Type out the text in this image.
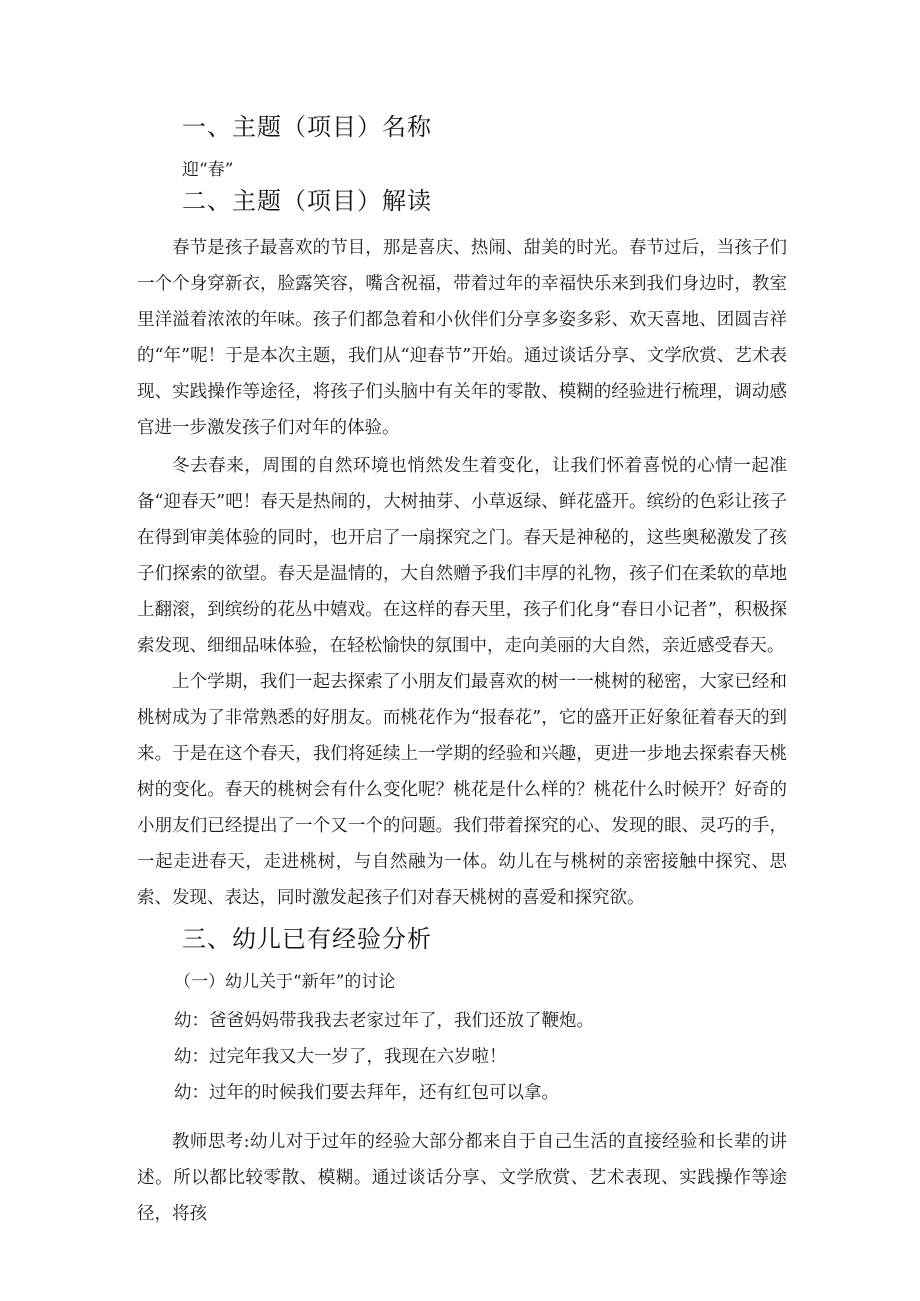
一、主题（项目）名称
迎“春”
二、主题（项目）解读

春节是孩子最喜欢的节目，那是喜庆、热闹、甜美的时光。春节过后，当孩子们一个个身穿新衣，脸露笑容，嘴含祝福，带着过年的幸福快乐来到我们身边时，教室里洋溢着浓浓的年味。孩子们都急着和小伙伴们分享多姿多彩、欢天喜地、团圆吉祥的“年”呢！于是本次主题，我们从“迎春节”开始。通过谈话分享、文学欣赏、艺术表现、实践操作等途径，将孩子们头脑中有关年的零散、模糊的经验进行梳理，调动感官进一步激发孩子们对年的体验。

冬去春来，周围的自然环境也悄然发生着变化，让我们怀着喜悦的心情一起准备“迎春天”吧！春天是热闹的，大树抽芽、小草返绿、鲜花盛开。缤纷的色彩让孩子在得到审美体验的同时，也开启了一扇探究之门。春天是神秘的，这些奥秘激发了孩子们探索的欲望。春天是温情的，大自然赠予我们丰厚的礼物，孩子们在柔软的草地上翻滚，到缤纷的花丛中嬉戏。在这样的春天里，孩子们化身“春日小记者”，积极探索发现、细细品味体验，在轻松愉快的氛围中，走向美丽的大自然，亲近感受春天。

上个学期，我们一起去探索了小朋友们最喜欢的树一一桃树的秘密，大家已经和桃树成为了非常熟悉的好朋友。而桃花作为“报春花”，它的盛开正好象征着春天的到来。于是在这个春天，我们将延续上一学期的经验和兴趣，更进一步地去探索春天桃树的变化。春天的桃树会有什么变化呢？桃花是什么样的？桃花什么时候开？好奇的小朋友们已经提出了一个又一个的问题。我们带着探究的心、发现的眼、灵巧的手，一起走进春天，走进桃树，与自然融为一体。幼儿在与桃树的亲密接触中探究、思索、发现、表达，同时激发起孩子们对春天桃树的喜爱和探究欲。

三、幼儿已有经验分析
（一）幼儿关于“新年”的讨论
幼：爸爸妈妈带我我去老家过年了，我们还放了鞭炮。
幼：过完年我又大一岁了，我现在六岁啦！
幼：过年的时候我们要去拜年，还有红包可以拿。

教师思考:幼儿对于过年的经验大部分都来自于自己生活的直接经验和长辈的讲述。所以都比较零散、模糊。通过谈话分享、文学欣赏、艺术表现、实践操作等途径，将孩
